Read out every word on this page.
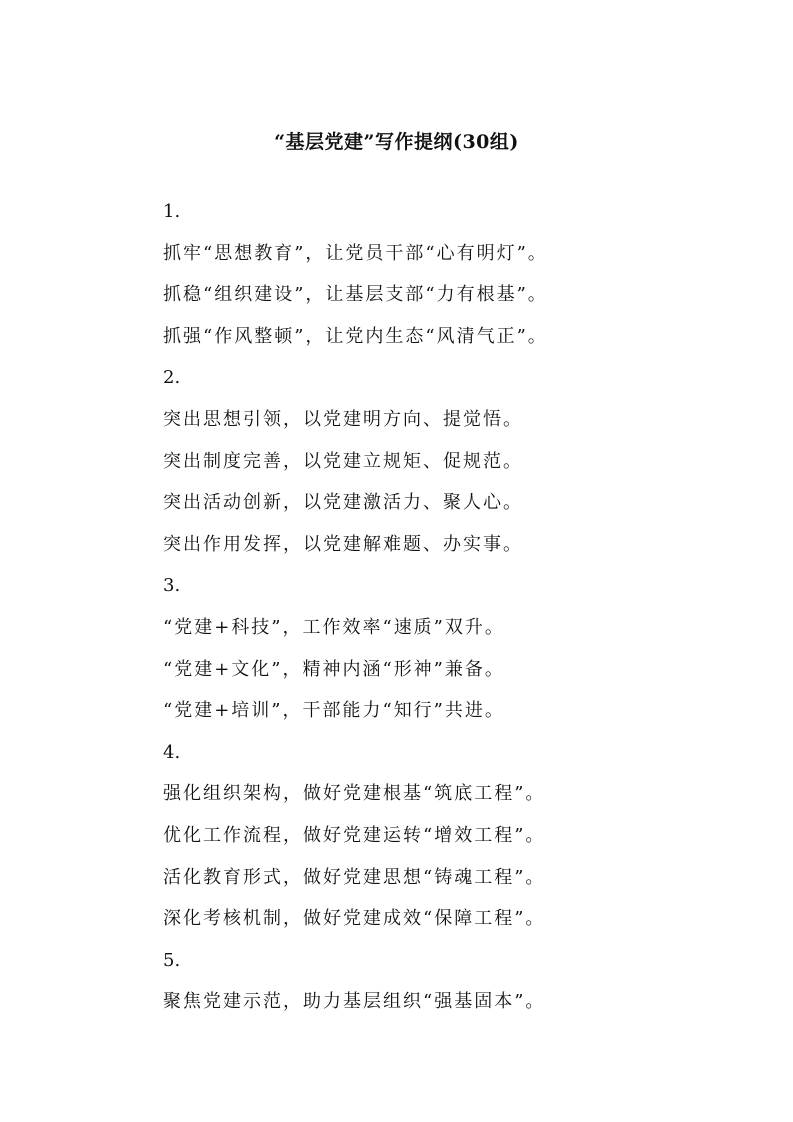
“基层党建”写作提纲(30组)
1.
抓牢“思想教育”，让党员干部“心有明灯”。
抓稳“组织建设”，让基层支部“力有根基”。
抓强“作风整顿”，让党内生态“风清气正”。
2.
突出思想引领，以党建明方向、提觉悟。
突出制度完善，以党建立规矩、促规范。
突出活动创新，以党建激活力、聚人心。
突出作用发挥，以党建解难题、办实事。
3.
“党建+科技”，工作效率“速质”双升。
“党建+文化”，精神内涵“形神”兼备。
“党建+培训”，干部能力“知行”共进。
4.
强化组织架构，做好党建根基“筑底工程”。
优化工作流程，做好党建运转“增效工程”。
活化教育形式，做好党建思想“铸魂工程”。
深化考核机制，做好党建成效“保障工程”。
5.
聚焦党建示范，助力基层组织“强基固本”。
